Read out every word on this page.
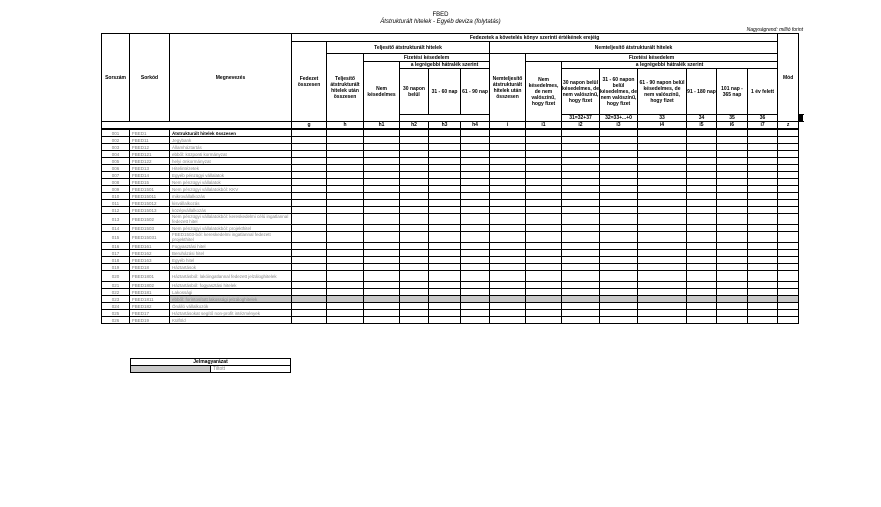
FBED
Átstrukturált hitelek - Egyéb deviza (folytatás)
Nagyságrend: millió forint
Sorszám	Sorkód	Megnevezés	Fedezetek a követelés könyv szerinti értékének erejéig														Mód			
			Fedezet összesen	Teljesítő átstrukturált hitelek					Nemteljesítő átstrukturált hitelek											
				Teljesítő átstrukturált hitelek után összesen	Fizetési késedelem				Nemteljesítő átstrukturált hitelek után összesen	Fizetési késedelem										
					Nem késedelmes	a legrégebbi hátralék szerint				Nem késedelmes, de nem valószínű, hogy fizet	a legrégebbi hátralék szerint									
						30 napon belül	31 - 60 nap	61 - 90 nap			30 napon belül késedelmes, de nem valószínű, hogy fizet	31 - 60 napon belül késedelmes, de nem valószínű, hogy fizet	61 - 90 napon belül késedelmes, de nem valószínű, hogy fizet	91 - 180 nap	101 nap - 365 nap	1 év felett				
											31=32+37	32=33+...+0	33	34	35	36									
			g	h	h1	h2	h3	h4	i	i1	i2	i3	i4	i5	i6	i7	z			
001	FBED1	Átstrukturált hitelek összesen																		
002	FBED11	Jegybank																		
003	FBED12	Államháztartás																		
004	FBED121	ebből: központi kormányzat																		
005	FBED122	helyi önkormányzat																		
006	FBED13	Hitelintézetek																		
007	FBED14	Egyéb pénzügyi vállalatok																		
008	FBED15	Nem pénzügyi vállalatok																		
009	FBED1501	Nem pénzügyi vállalatokból: KKV																		
010	FBED15011	mikrovállalkozás																		
011	FBED15012	kisvállalkozás																		
012	FBED15013	középvállalkozás																		
013	FBED1502	Nem pénzügyi vállalatokból: kereskedelmi célú ingatlannal fedezett hitel																		
014	FBED1503	Nem pénzügyi vállalatokból: projekthitel																		
015	FBED15031	FBED1503-ból: kereskedelmi ingatlannal fedezett projekthitel																		
016	FBED161	Fogyasztási hitel																		
017	FBED162	Beruházási hitel																		
018	FBED163	Egyéb hitel																		
019	FBED18	Háztartások																		
020	FBED1801	Háztartásból: lakóingatlannal fedezett jelzáloghitelek																		
021	FBED1802	Háztartásból: fogyasztási hitelek																		
022	FBED181	Lakossági																		
023	FBED1811	ebből: forintosított lakossági jelzáloghitelek																		
024	FBED182	Önálló vállalkozók																		
025	FBED17	Háztartásokat segítő non-profit intézmények																		
026	FBED19	Külföld																		
Jelmagyarázat
	Tiltott
